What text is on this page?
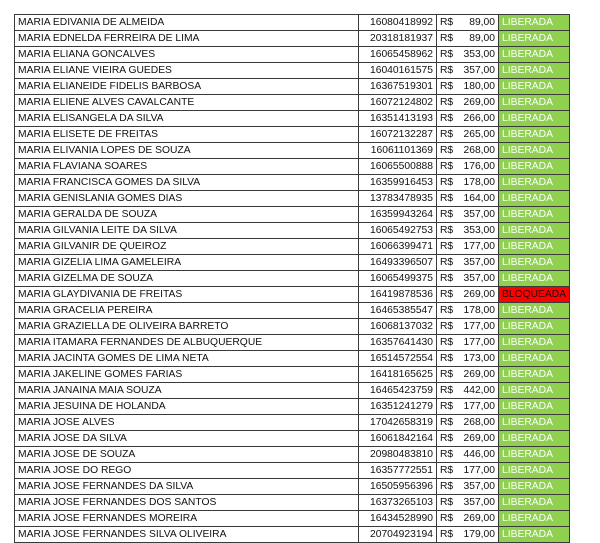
MARIA EDIVANIA DE ALMEIDA	16080418992	R$	89,00	LIBERADA
MARIA EDNELDA FERREIRA DE LIMA	20318181937	R$	89,00	LIBERADA
MARIA ELIANA GONCALVES	16065458962	R$	353,00	LIBERADA
MARIA ELIANE VIEIRA GUEDES	16040161575	R$	357,00	LIBERADA
MARIA ELIANEIDE FIDELIS BARBOSA	16367519301	R$	180,00	LIBERADA
MARIA ELIENE ALVES CAVALCANTE	16072124802	R$	269,00	LIBERADA
MARIA ELISANGELA DA SILVA	16351413193	R$	266,00	LIBERADA
MARIA ELISETE DE FREITAS	16072132287	R$	265,00	LIBERADA
MARIA ELIVANIA LOPES DE SOUZA	16061101369	R$	268,00	LIBERADA
MARIA FLAVIANA SOARES	16065500888	R$	176,00	LIBERADA
MARIA FRANCISCA GOMES DA SILVA	16359916453	R$	178,00	LIBERADA
MARIA GENISLANIA GOMES DIAS	13783478935	R$	164,00	LIBERADA
MARIA GERALDA DE SOUZA	16359943264	R$	357,00	LIBERADA
MARIA GILVANIA LEITE DA SILVA	16065492753	R$	353,00	LIBERADA
MARIA GILVANIR DE QUEIROZ	16066399471	R$	177,00	LIBERADA
MARIA GIZELIA LIMA GAMELEIRA	16493396507	R$	357,00	LIBERADA
MARIA GIZELMA DE SOUZA	16065499375	R$	357,00	LIBERADA
MARIA GLAYDIVANIA DE FREITAS	16419878536	R$	269,00	BLOQUEADA
MARIA GRACELIA PEREIRA	16465385547	R$	178,00	LIBERADA
MARIA GRAZIELLA DE OLIVEIRA BARRETO	16068137032	R$	177,00	LIBERADA
MARIA ITAMARA FERNANDES DE ALBUQUERQUE	16357641430	R$	177,00	LIBERADA
MARIA JACINTA GOMES DE LIMA NETA	16514572554	R$	173,00	LIBERADA
MARIA JAKELINE GOMES FARIAS	16418165625	R$	269,00	LIBERADA
MARIA JANAINA MAIA SOUZA	16465423759	R$	442,00	LIBERADA
MARIA JESUINA DE HOLANDA	16351241279	R$	177,00	LIBERADA
MARIA JOSE ALVES	17042658319	R$	268,00	LIBERADA
MARIA JOSE DA SILVA	16061842164	R$	269,00	LIBERADA
MARIA JOSE DE SOUZA	20980483810	R$	446,00	LIBERADA
MARIA JOSE DO REGO	16357772551	R$	177,00	LIBERADA
MARIA JOSE FERNANDES DA SILVA	16505956396	R$	357,00	LIBERADA
MARIA JOSE FERNANDES DOS SANTOS	16373265103	R$	357,00	LIBERADA
MARIA JOSE FERNANDES MOREIRA	16434528990	R$	269,00	LIBERADA
MARIA JOSE FERNANDES SILVA OLIVEIRA	20704923194	R$	179,00	LIBERADA
